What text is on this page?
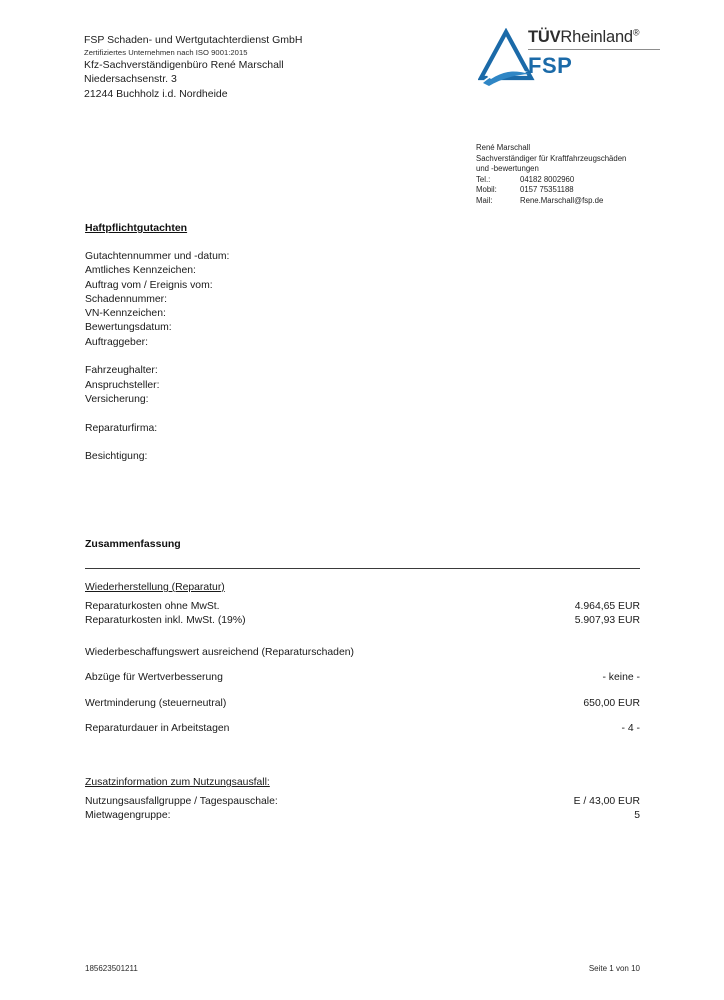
FSP Schaden- und Wertgutachterdienst GmbH
Zertifiziertes Unternehmen nach ISO 9001:2015
Kfz-Sachverständigenbüro René Marschall
Niedersachsenstr. 3
21244 Buchholz i.d. Nordheide
TÜVRheinland®
FSP
René Marschall
Sachverständiger für Kraftfahrzeugschäden
und -bewertungen
Tel.:	04182 8002960
Mobil:	0157 75351188
Mail:	Rene.Marschall@fsp.de
Haftpflichtgutachten
Gutachtennummer und -datum:
Amtliches Kennzeichen:
Auftrag vom / Ereignis vom:
Schadennummer:
VN-Kennzeichen:
Bewertungsdatum:
Auftraggeber:
Fahrzeughalter:
Anspruchsteller:
Versicherung:
Reparaturfirma:
Besichtigung:
Zusammenfassung
Wiederherstellung (Reparatur)
Reparaturkosten ohne MwSt.	4.964,65 EUR
Reparaturkosten inkl. MwSt. (19%)	5.907,93 EUR
Wiederbeschaffungswert ausreichend (Reparaturschaden)
Abzüge für Wertverbesserung	- keine -
Wertminderung (steuerneutral)	650,00 EUR
Reparaturdauer in Arbeitstagen	- 4 -
Zusatzinformation zum Nutzungsausfall:
Nutzungsausfallgruppe / Tagespauschale:	E / 43,00 EUR
Mietwagengruppe:	5
185623501211	Seite 1 von 10
